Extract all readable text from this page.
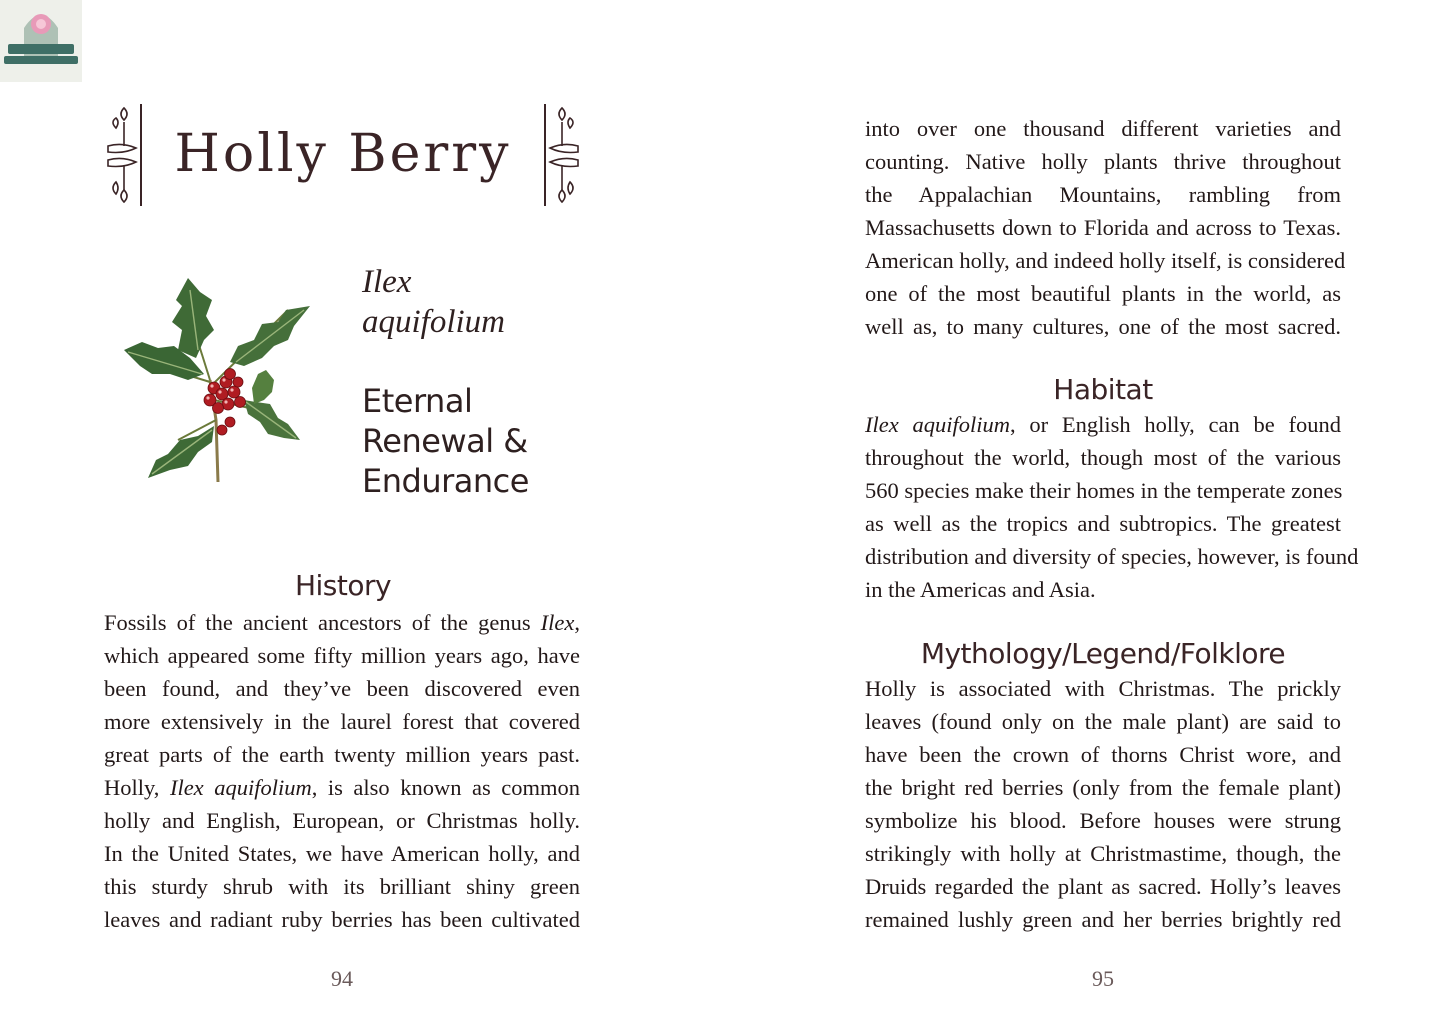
Holly Berry
Ilex
aquifolium
Eternal
Renewal &
Endurance
History
Fossils of the ancient ancestors of the genus Ilex,
which appeared some fifty million years ago, have
been found, and they’ve been discovered even
more extensively in the laurel forest that covered
great parts of the earth twenty million years past.
Holly, Ilex aquifolium, is also known as common
holly and English, European, or Christmas holly.
In the United States, we have American holly, and
this sturdy shrub with its brilliant shiny green
leaves and radiant ruby berries has been cultivated
94
into over one thousand different varieties and
counting. Native holly plants thrive throughout
the Appalachian Mountains, rambling from
Massachusetts down to Florida and across to Texas.
American holly, and indeed holly itself, is considered
one of the most beautiful plants in the world, as
well as, to many cultures, one of the most sacred.
Habitat
Ilex aquifolium, or English holly, can be found
throughout the world, though most of the various
560 species make their homes in the temperate zones
as well as the tropics and subtropics. The greatest
distribution and diversity of species, however, is found
in the Americas and Asia.
Mythology/Legend/Folklore
Holly is associated with Christmas. The prickly
leaves (found only on the male plant) are said to
have been the crown of thorns Christ wore, and
the bright red berries (only from the female plant)
symbolize his blood. Before houses were strung
strikingly with holly at Christmastime, though, the
Druids regarded the plant as sacred. Holly’s leaves
remained lushly green and her berries brightly red
95
